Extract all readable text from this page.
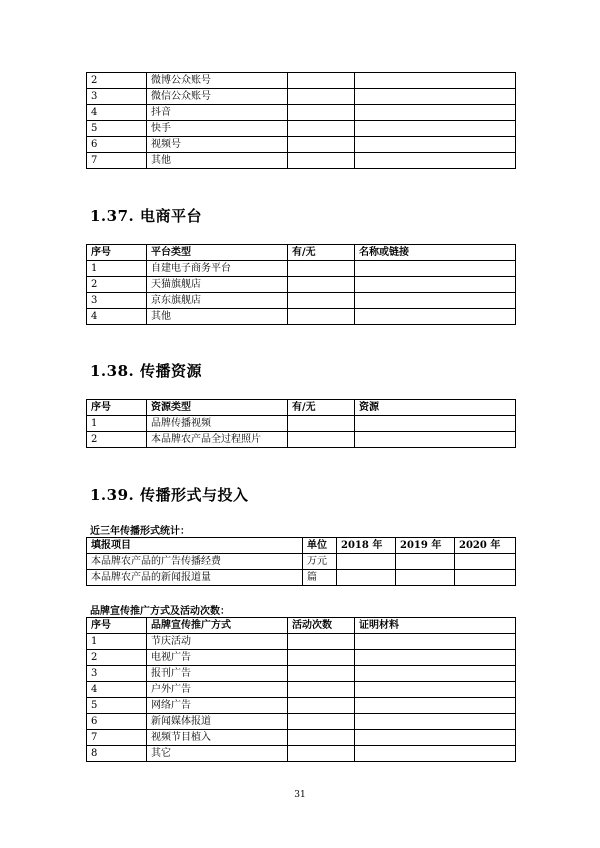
2	微博公众账号		
3	微信公众账号		
4	抖音		
5	快手		
6	视频号		
7	其他		
1.37. 电商平台
序号	平台类型	有/无	名称或链接
1	自建电子商务平台		
2	天猫旗舰店		
3	京东旗舰店		
4	其他		
1.38. 传播资源
序号	资源类型	有/无	资源
1	品牌传播视频		
2	本品牌农产品全过程照片		
1.39. 传播形式与投入
近三年传播形式统计：
填报项目	单位	2018 年	2019 年	2020 年
本品牌农产品的广告传播经费	万元			
本品牌农产品的新闻报道量	篇			
品牌宣传推广方式及活动次数：
序号	品牌宣传推广方式	活动次数	证明材料
1	节庆活动		
2	电视广告		
3	报刊广告		
4	户外广告		
5	网络广告		
6	新闻媒体报道		
7	视频节目植入		
8	其它		
31
